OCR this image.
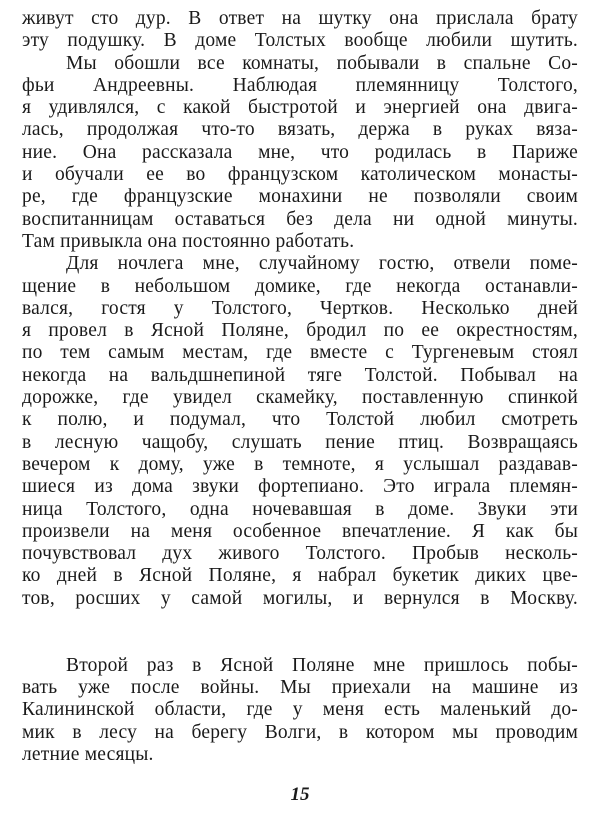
живут сто дур. В ответ на шутку она прислала брату
эту подушку. В доме Толстых вообще любили шутить.
Мы обошли все комнаты, побывали в спальне Со-
фьи Андреевны. Наблюдая племянницу Толстого,
я удивлялся, с какой быстротой и энергией она двига-
лась, продолжая что-то вязать, держа в руках вяза-
ние. Она рассказала мне, что родилась в Париже
и обучали ее во французском католическом монасты-
ре, где французские монахини не позволяли своим
воспитанницам оставаться без дела ни одной минуты.
Там привыкла она постоянно работать.
Для ночлега мне, случайному гостю, отвели поме-
щение в небольшом домике, где некогда останавли-
вался, гостя у Толстого, Чертков. Несколько дней
я провел в Ясной Поляне, бродил по ее окрестностям,
по тем самым местам, где вместе с Тургеневым стоял
некогда на вальдшнепиной тяге Толстой. Побывал на
дорожке, где увидел скамейку, поставленную спинкой
к полю, и подумал, что Толстой любил смотреть
в лесную чащобу, слушать пение птиц. Возвращаясь
вечером к дому, уже в темноте, я услышал раздавав-
шиеся из дома звуки фортепиано. Это играла племян-
ница Толстого, одна ночевавшая в доме. Звуки эти
произвели на меня особенное впечатление. Я как бы
почувствовал дух живого Толстого. Пробыв несколь-
ко дней в Ясной Поляне, я набрал букетик диких цве-
тов, росших у самой могилы, и вернулся в Москву.
Второй раз в Ясной Поляне мне пришлось побы-
вать уже после войны. Мы приехали на машине из
Калининской области, где у меня есть маленький до-
мик в лесу на берегу Волги, в котором мы проводим
летние месяцы.
15
